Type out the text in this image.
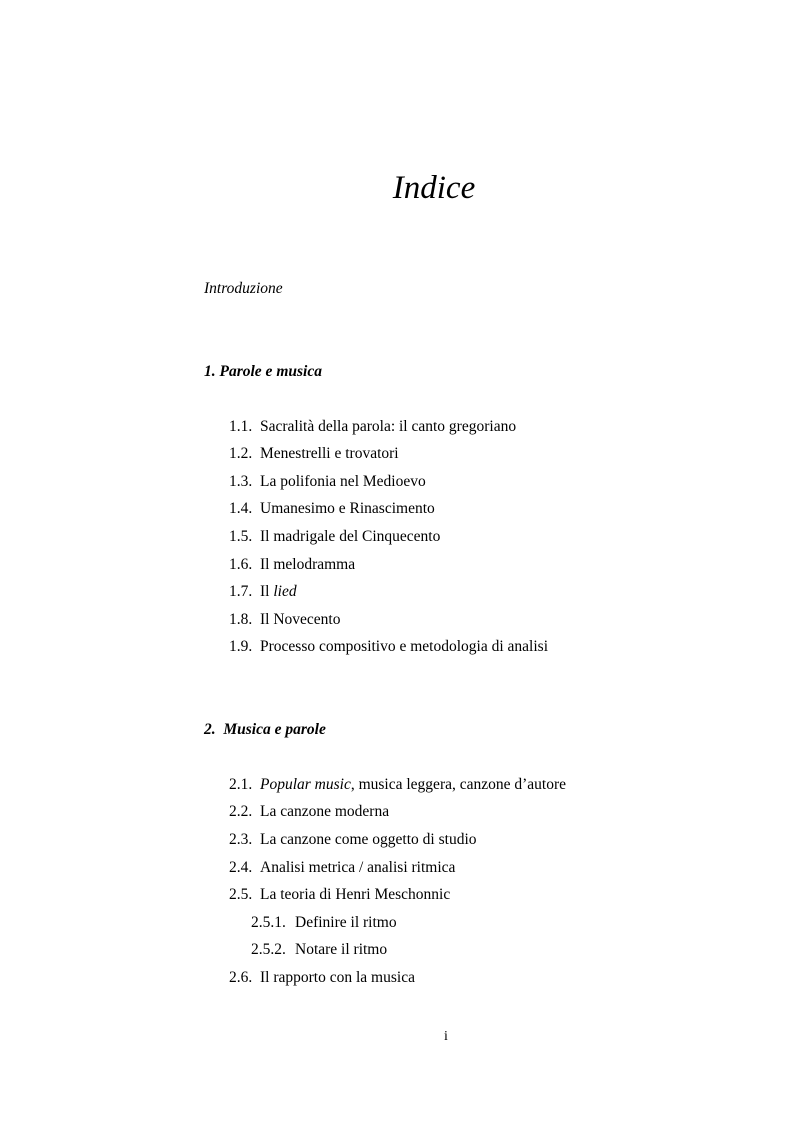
Indice
Introduzione
1. Parole e musica
1.1. Sacralità della parola: il canto gregoriano
1.2. Menestrelli e trovatori
1.3. La polifonia nel Medioevo
1.4. Umanesimo e Rinascimento
1.5. Il madrigale del Cinquecento
1.6. Il melodramma
1.7. Il lied
1.8. Il Novecento
1.9. Processo compositivo e metodologia di analisi
2.  Musica e parole
2.1. Popular music, musica leggera, canzone d’autore
2.2. La canzone moderna
2.3. La canzone come oggetto di studio
2.4. Analisi metrica / analisi ritmica
2.5. La teoria di Henri Meschonnic
2.5.1. Definire il ritmo
2.5.2. Notare il ritmo
2.6. Il rapporto con la musica
i
